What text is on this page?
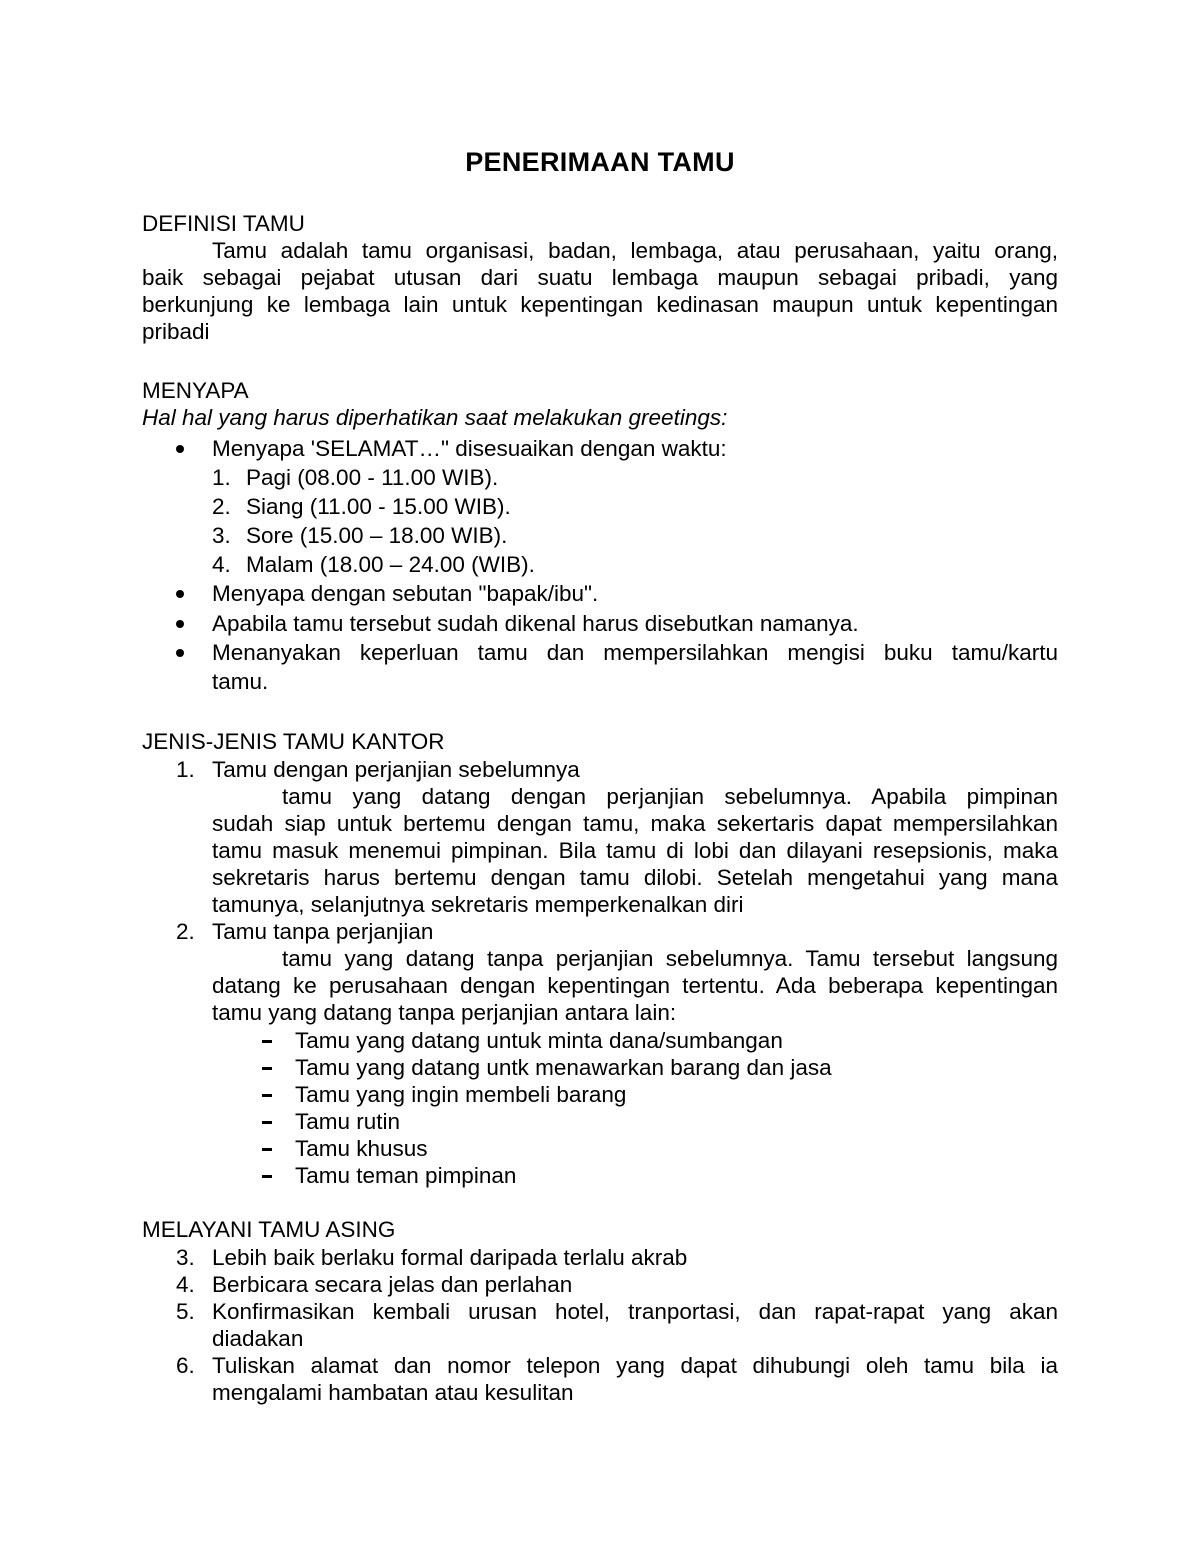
PENERIMAAN TAMU
DEFINISI TAMU
Tamu adalah tamu organisasi, badan, lembaga, atau perusahaan, yaitu orang,
baik sebagai pejabat utusan dari suatu lembaga maupun sebagai pribadi, yang
berkunjung ke lembaga lain untuk kepentingan kedinasan maupun untuk kepentingan
pribadi
MENYAPA
Hal hal yang harus diperhatikan saat melakukan greetings:
Menyapa 'SELAMAT…" disesuaikan dengan waktu:
1. Pagi (08.00 - 11.00 WIB).
2. Siang (11.00 - 15.00 WIB).
3. Sore (15.00 – 18.00 WIB).
4. Malam (18.00 – 24.00 (WIB).
Menyapa dengan sebutan "bapak/ibu".
Apabila tamu tersebut sudah dikenal harus disebutkan namanya.
Menanyakan keperluan tamu dan mempersilahkan mengisi buku tamu/kartu
tamu.
JENIS-JENIS TAMU KANTOR
1. Tamu dengan perjanjian sebelumnya
tamu yang datang dengan perjanjian sebelumnya. Apabila pimpinan
sudah siap untuk bertemu dengan tamu, maka sekertaris dapat mempersilahkan
tamu masuk menemui pimpinan. Bila tamu di lobi dan dilayani resepsionis, maka
sekretaris harus bertemu dengan tamu dilobi. Setelah mengetahui yang mana
tamunya, selanjutnya sekretaris memperkenalkan diri
2. Tamu tanpa perjanjian
tamu yang datang tanpa perjanjian sebelumnya. Tamu tersebut langsung
datang ke perusahaan dengan kepentingan tertentu. Ada beberapa kepentingan
tamu yang datang tanpa perjanjian antara lain:
Tamu yang datang untuk minta dana/sumbangan
Tamu yang datang untk menawarkan barang dan jasa
Tamu yang ingin membeli barang
Tamu rutin
Tamu khusus
Tamu teman pimpinan
MELAYANI TAMU ASING
3. Lebih baik berlaku formal daripada terlalu akrab
4. Berbicara secara jelas dan perlahan
5. Konfirmasikan kembali urusan hotel, tranportasi, dan rapat-rapat yang akan
diadakan
6. Tuliskan alamat dan nomor telepon yang dapat dihubungi oleh tamu bila ia
mengalami hambatan atau kesulitan
